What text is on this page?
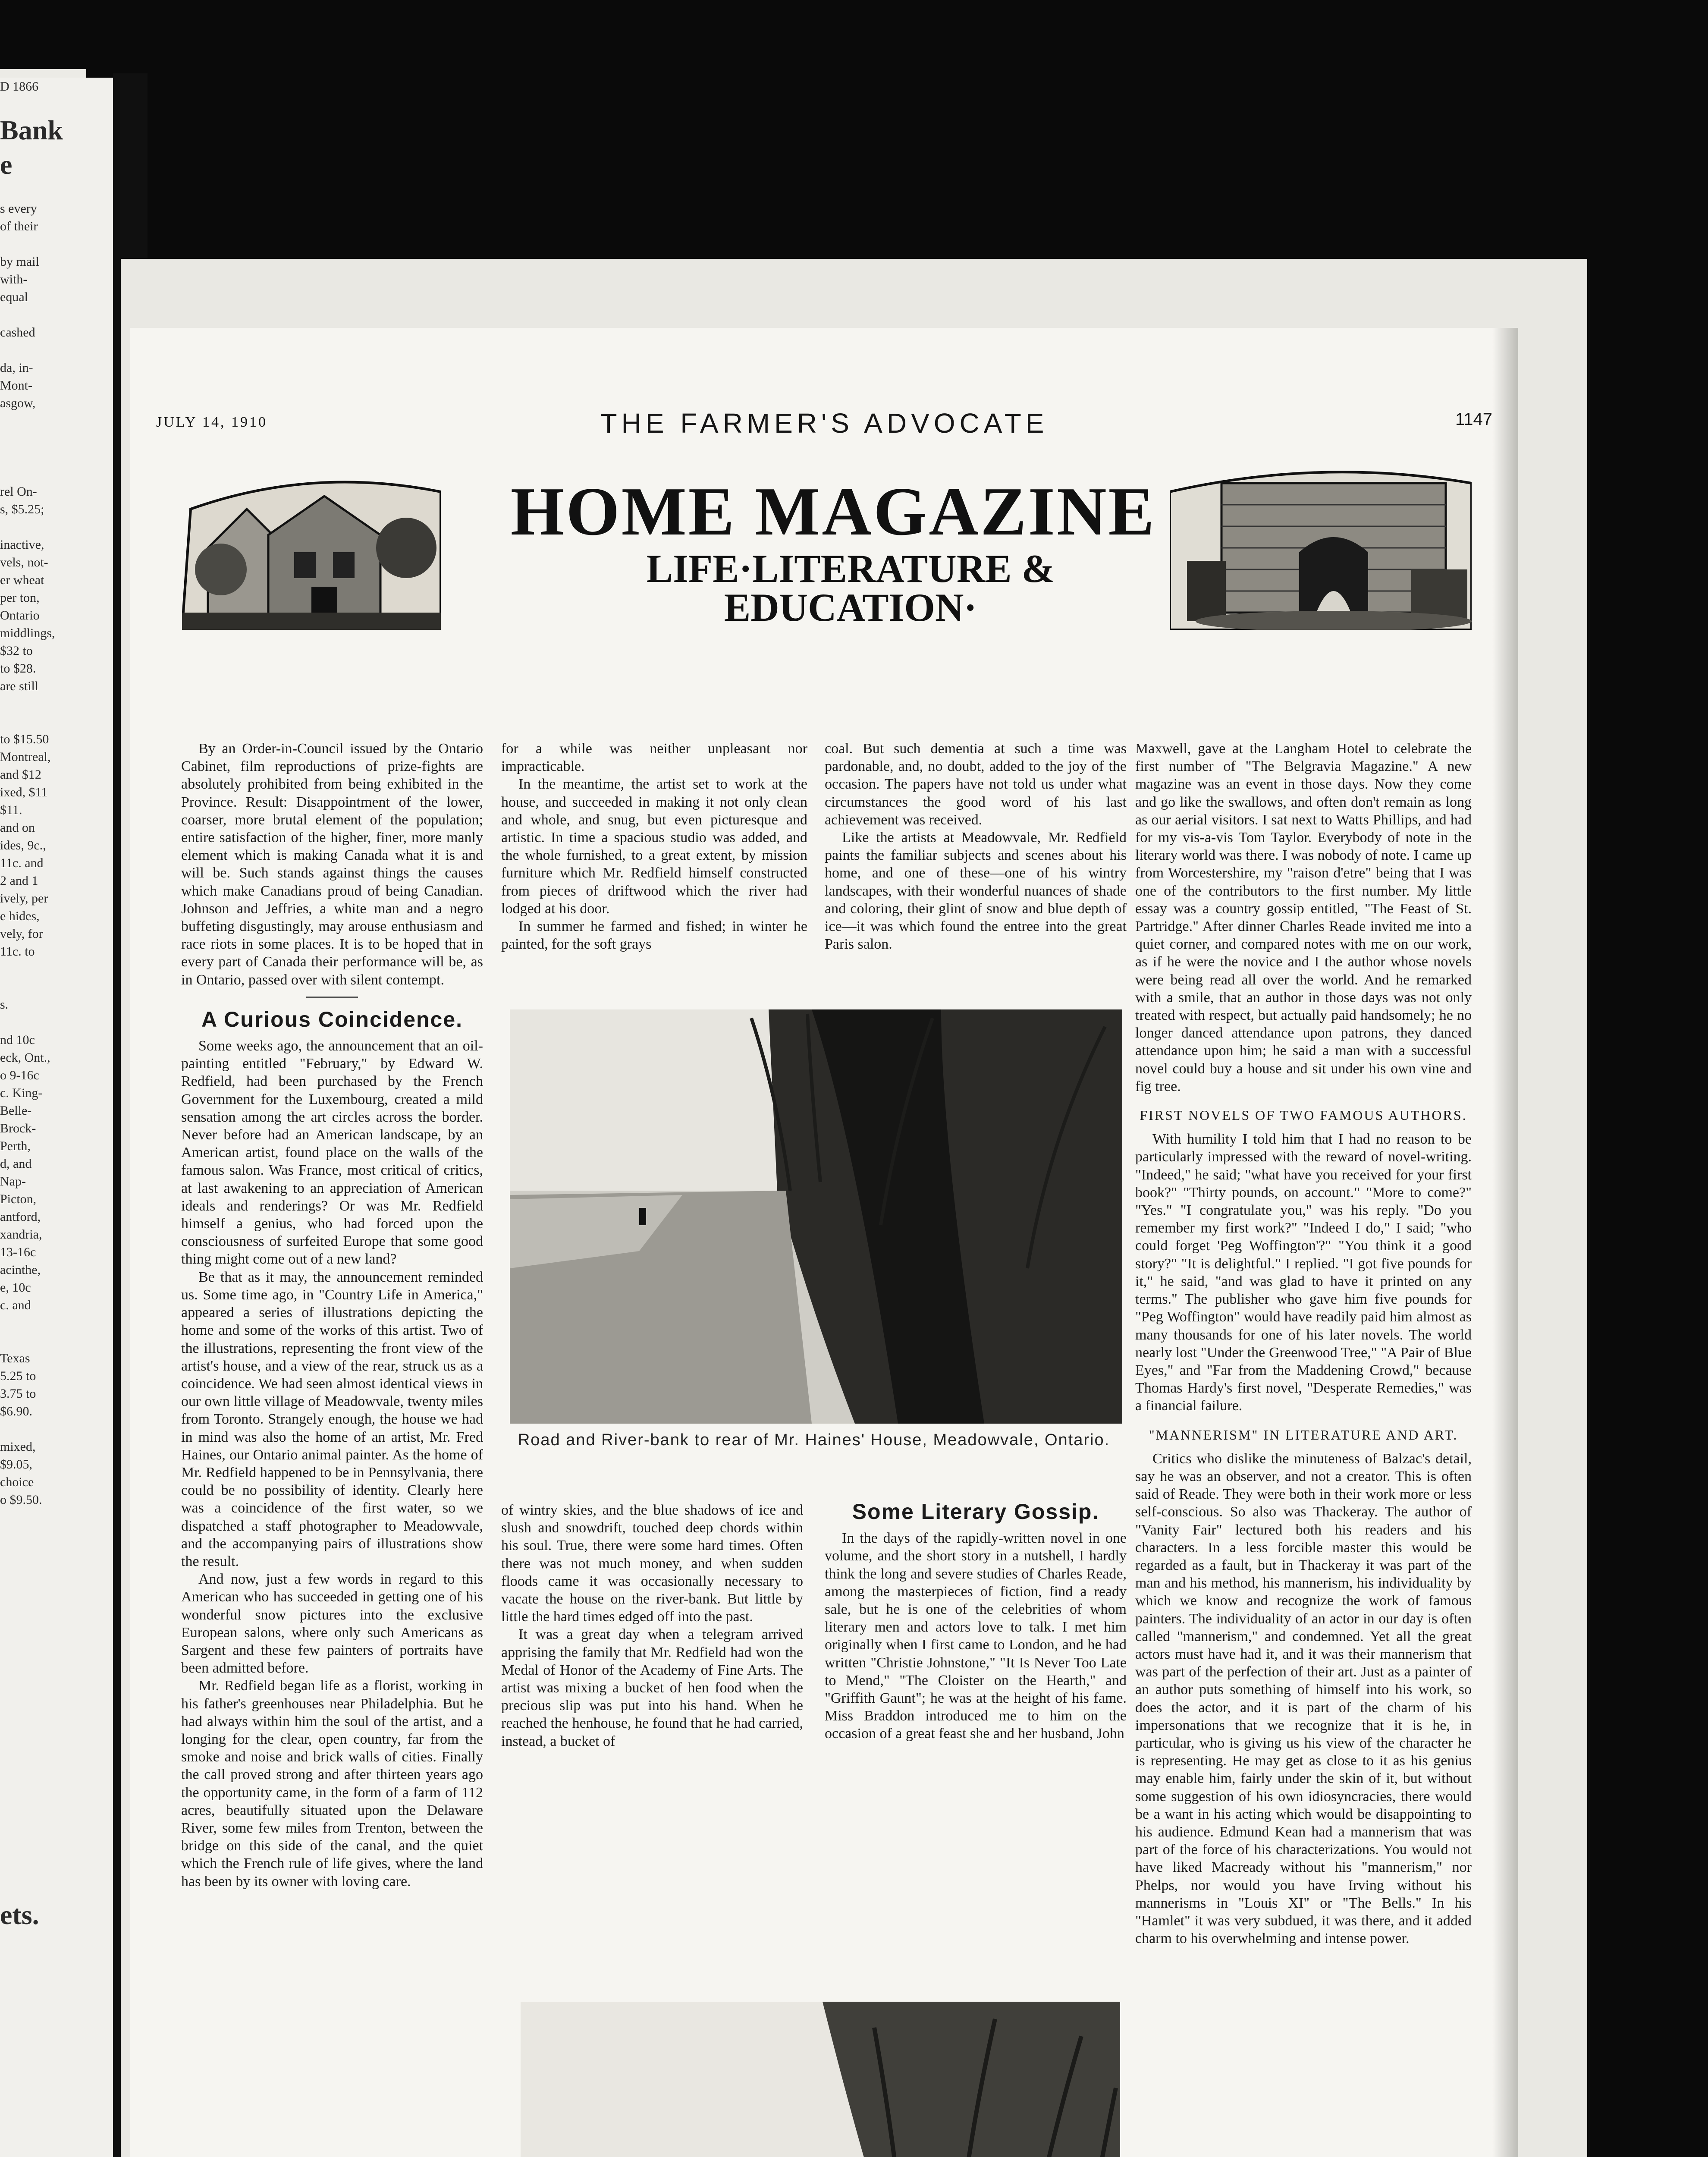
D 1866

Bank

e

s every

of their

by mail

with-

equal

cashed

da, in-

Mont-

asgow,

rel On-

s, $5.25;

inactive,

vels, not-

er wheat

per ton,

Ontario

middlings,

$32 to

to $28.

are still

to $15.50

Montreal,

and $12

ixed, $11

$11.

and on

ides, 9c.,

11c. and

2 and 1

ively, per

e hides,

vely, for

11c. to

s.

nd 10c

eck, Ont.,

o 9-16c

c. King-

Belle-

Brock-

Perth,

d, and

Nap-

Picton,

antford,

xandria,

13-16c

acinthe,

e, 10c

c. and

Texas

5.25 to

3.75 to

$6.90.

mixed,

$9.05,

choice

o $9.50.

ets.

JULY 14, 1910	THE FARMER'S ADVOCATE	1147
HOME MAGAZINE
LIFE·LITERATURE &
EDUCATION·

By an Order-in-Council issued by the Ontario Cabinet, film reproductions of prize-fights are absolutely prohibited from being exhibited in the Province. Result: Disappointment of the lower, coarser, more brutal element of the population; entire satisfaction of the higher, finer, more manly element which is making Canada what it is and will be. Such stands against things the causes which make Canadians proud of being Canadian. Johnson and Jeffries, a white man and a negro buffeting disgustingly, may arouse enthusiasm and race riots in some places. It is to be hoped that in every part of Canada their performance will be, as in Ontario, passed over with silent contempt.

A Curious Coincidence.

Some weeks ago, the announcement that an oil-painting entitled "February," by Edward W. Redfield, had been purchased by the French Government for the Luxembourg, created a mild sensation among the art circles across the border. Never before had an American landscape, by an American artist, found place on the walls of the famous salon. Was France, most critical of critics, at last awakening to an appreciation of American ideals and renderings? Or was Mr. Redfield himself a genius, who had forced upon the consciousness of surfeited Europe that some good thing might come out of a new land?

Be that as it may, the announcement reminded us. Some time ago, in "Country Life in America," appeared a series of illustrations depicting the home and some of the works of this artist. Two of the illustrations, representing the front view of the artist's house, and a view of the rear, struck us as a coincidence. We had seen almost identical views in our own little village of Meadowvale, twenty miles from Toronto. Strangely enough, the house we had in mind was also the home of an artist, Mr. Fred Haines, our Ontario animal painter. As the home of Mr. Redfield happened to be in Pennsylvania, there could be no possibility of identity. Clearly here was a coincidence of the first water, so we dispatched a staff photographer to Meadowvale, and the accompanying pairs of illustrations show the result.

And now, just a few words in regard to this American who has succeeded in getting one of his wonderful snow pictures into the exclusive European salons, where only such Americans as Sargent and these few painters of portraits have been admitted before.

Mr. Redfield began life as a florist, working in his father's greenhouses near Philadelphia. But he had always within him the soul of the artist, and a longing for the clear, open country, far from the smoke and noise and brick walls of cities. Finally the call proved strong and after thirteen years ago the opportunity came, in the form of a farm of 112 acres, beautifully situated upon the Delaware River, some few miles from Trenton, between the bridge on this side of the canal, and the quiet which the French rule of life gives, where the land has been by its owner with loving care.

for a while was neither unpleasant nor impracticable.

In the meantime, the artist set to work at the house, and succeeded in making it not only clean and whole, and snug, but even picturesque and artistic. In time a spacious studio was added, and the whole furnished, to a great extent, by mission furniture which Mr. Redfield himself constructed from pieces of driftwood which the river had lodged at his door.

In summer he farmed and fished; in winter he painted, for the soft grays

coal. But such dementia at such a time was pardonable, and, no doubt, added to the joy of the occasion. The papers have not told us under what circumstances the good word of his last achievement was received.

Like the artists at Meadowvale, Mr. Redfield paints the familiar subjects and scenes about his home, and one of these—one of his wintry landscapes, with their wonderful nuances of shade and coloring, their glint of snow and blue depth of ice—it was which found the entree into the great Paris salon.

Road and River-bank to rear of Mr. Haines' House, Meadowvale, Ontario.

of wintry skies, and the blue shadows of ice and slush and snowdrift, touched deep chords within his soul. True, there were some hard times. Often there was not much money, and when sudden floods came it was occasionally necessary to vacate the house on the river-bank. But little by little the hard times edged off into the past.

It was a great day when a telegram arrived apprising the family that Mr. Redfield had won the Medal of Honor of the Academy of Fine Arts. The artist was mixing a bucket of hen food when the precious slip was put into his hand. When he reached the henhouse, he found that he had carried, instead, a bucket of

Some Literary Gossip.

In the days of the rapidly-written novel in one volume, and the short story in a nutshell, I hardly think the long and severe studies of Charles Reade, among the masterpieces of fiction, find a ready sale, but he is one of the celebrities of whom literary men and actors love to talk. I met him originally when I first came to London, and he had written "Christie Johnstone," "It Is Never Too Late to Mend," "The Cloister on the Hearth," and "Griffith Gaunt"; he was at the height of his fame. Miss Braddon introduced me to him on the occasion of a great feast she and her husband, John

Maxwell, gave at the Langham Hotel to celebrate the first number of "The Belgravia Magazine." A new magazine was an event in those days. Now they come and go like the swallows, and often don't remain as long as our aerial visitors. I sat next to Watts Phillips, and had for my vis-a-vis Tom Taylor. Everybody of note in the literary world was there. I was nobody of note. I came up from Worcestershire, my "raison d'etre" being that I was one of the contributors to the first number. My little essay was a country gossip entitled, "The Feast of St. Partridge." After dinner Charles Reade invited me into a quiet corner, and compared notes with me on our work, as if he were the novice and I the author whose novels were being read all over the world. And he remarked with a smile, that an author in those days was not only treated with respect, but actually paid handsomely; he no longer danced attendance upon patrons, they danced attendance upon him; he said a man with a successful novel could buy a house and sit under his own vine and fig tree.

FIRST NOVELS OF TWO FAMOUS AUTHORS.

With humility I told him that I had no reason to be particularly impressed with the reward of novel-writing. "Indeed," he said; "what have you received for your first book?" "Thirty pounds, on account." "More to come?" "Yes." "I congratulate you," was his reply. "Do you remember my first work?" "Indeed I do," I said; "who could forget 'Peg Woffington'?" "You think it a good story?" "It is delightful." I replied. "I got five pounds for it," he said, "and was glad to have it printed on any terms." The publisher who gave him five pounds for "Peg Woffington" would have readily paid him almost as many thousands for one of his later novels. The world nearly lost "Under the Greenwood Tree," "A Pair of Blue Eyes," and "Far from the Maddening Crowd," because Thomas Hardy's first novel, "Desperate Remedies," was a financial failure.

"MANNERISM" IN LITERATURE AND ART.

Critics who dislike the minuteness of Balzac's detail, say he was an observer, and not a creator. This is often said of Reade. They were both in their work more or less self-conscious. So also was Thackeray. The author of "Vanity Fair" lectured both his readers and his characters. In a less forcible master this would be regarded as a fault, but in Thackeray it was part of the man and his method, his mannerism, his individuality by which we know and recognize the work of famous painters. The individuality of an actor in our day is often called "mannerism," and condemned. Yet all the great actors must have had it, and it was their mannerism that was part of the perfection of their art. Just as a painter of an author puts something of himself into his work, so does the actor, and it is part of the charm of his impersonations that we recognize that it is he, in particular, who is giving us his view of the character he is representing. He may get as close to it as his genius may enable him, fairly under the skin of it, but without some suggestion of his own idiosyncracies, there would be a want in his acting which would be disappointing to his audience. Edmund Kean had a mannerism that was part of the force of his characterizations. You would not have liked Macready without his "mannerism," nor Phelps, nor would you have Irving without his mannerisms in "Louis XI" or "The Bells." In his "Hamlet" it was very subdued, it was there, and it added charm to his overwhelming and intense power.
